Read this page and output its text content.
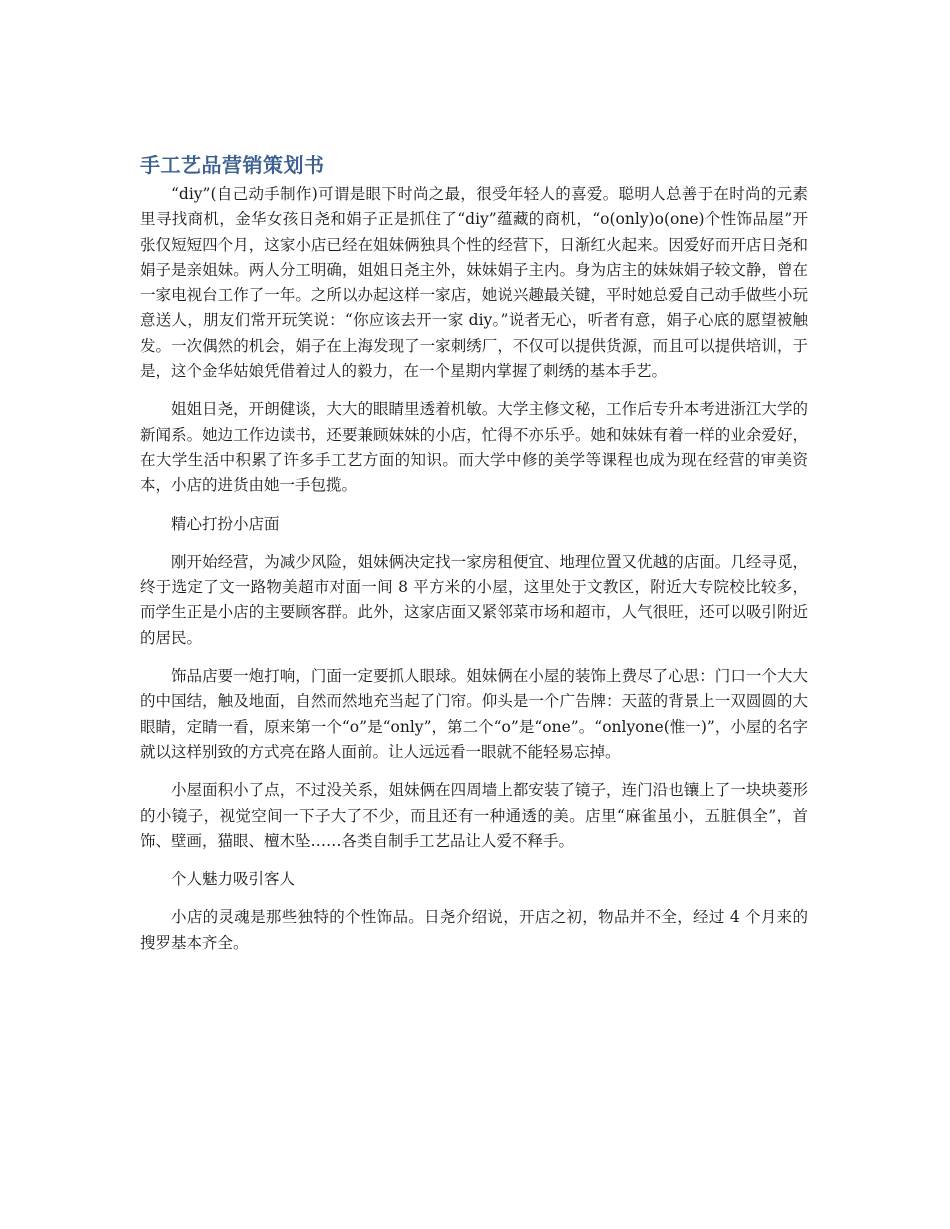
手工艺品营销策划书

“diy”(自己动手制作)可谓是眼下时尚之最，很受年轻人的喜爱。聪明人总善于在时尚的元素里寻找商机，金华女孩日尧和娟子正是抓住了“diy”蕴藏的商机，“o(only)o(one)个性饰品屋”开张仅短短四个月，这家小店已经在姐妹俩独具个性的经营下，日渐红火起来。因爱好而开店日尧和娟子是亲姐妹。两人分工明确，姐姐日尧主外，妹妹娟子主内。身为店主的妹妹娟子较文静，曾在一家电视台工作了一年。之所以办起这样一家店，她说兴趣最关键，平时她总爱自己动手做些小玩意送人，朋友们常开玩笑说：“你应该去开一家 diy。”说者无心，听者有意，娟子心底的愿望被触发。一次偶然的机会，娟子在上海发现了一家刺绣厂，不仅可以提供货源，而且可以提供培训，于是，这个金华姑娘凭借着过人的毅力，在一个星期内掌握了刺绣的基本手艺。

姐姐日尧，开朗健谈，大大的眼睛里透着机敏。大学主修文秘，工作后专升本考进浙江大学的新闻系。她边工作边读书，还要兼顾妹妹的小店，忙得不亦乐乎。她和妹妹有着一样的业余爱好，在大学生活中积累了许多手工艺方面的知识。而大学中修的美学等课程也成为现在经营的审美资本，小店的进货由她一手包揽。

精心打扮小店面

刚开始经营，为减少风险，姐妹俩决定找一家房租便宜、地理位置又优越的店面。几经寻觅，终于选定了文一路物美超市对面一间 8 平方米的小屋，这里处于文教区，附近大专院校比较多，而学生正是小店的主要顾客群。此外，这家店面又紧邻菜市场和超市，人气很旺，还可以吸引附近的居民。

饰品店要一炮打响，门面一定要抓人眼球。姐妹俩在小屋的装饰上费尽了心思：门口一个大大的中国结，触及地面，自然而然地充当起了门帘。仰头是一个广告牌：天蓝的背景上一双圆圆的大眼睛，定睛一看，原来第一个“o”是“only”，第二个“o”是“one”。“onlyone(惟一)”，小屋的名字就以这样别致的方式亮在路人面前。让人远远看一眼就不能轻易忘掉。

小屋面积小了点，不过没关系，姐妹俩在四周墙上都安装了镜子，连门沿也镶上了一块块菱形的小镜子，视觉空间一下子大了不少，而且还有一种通透的美。店里“麻雀虽小，五脏俱全”，首饰、壁画，猫眼、檀木坠……各类自制手工艺品让人爱不释手。

个人魅力吸引客人

小店的灵魂是那些独特的个性饰品。日尧介绍说，开店之初，物品并不全，经过 4 个月来的搜罗基本齐全。
